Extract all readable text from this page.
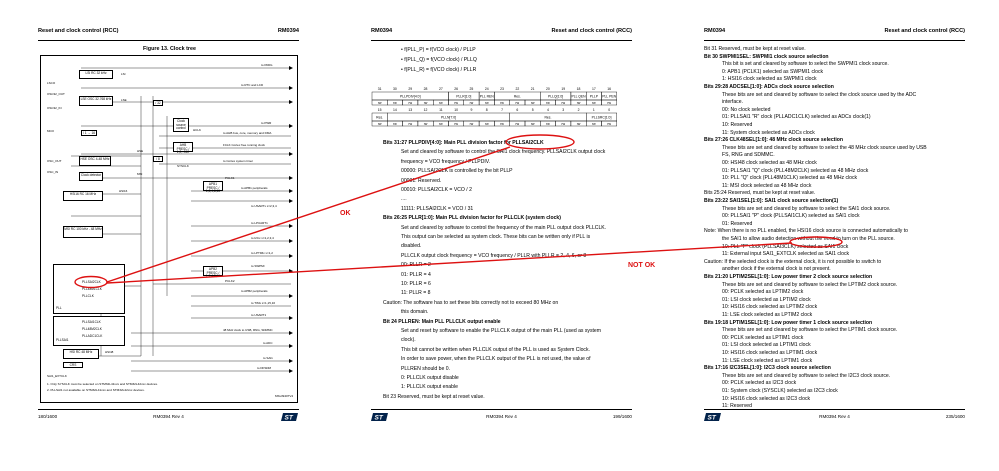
Reset and clock control (RCC)	RM0394
Figure 13. Clock tree
LSI RC 32 kHz
LSCO
OSC32_OUT
LSE OSC 32.768 kHz
OSC32_IN
MCO	/ 1 → 16
OSC_OUT	HSE OSC 4-48 MHz
OSC_IN
Clock detector
HSI16 RC 16 MHz
MSI RC 100 kHz - 48 MHz
Clock source control
AHB PRESC / 1,2,..512
APB1 PRESC / 1,2,4,8,16
APB2 PRESC / 1,2,4,8,16
/ 32
/ 8
PLL
PLLSAI2CLK
PLL48M1CLK
PLLCLK
PLLSAI1
PLLSAI1CLK
PLL48M2CLK
PLLADC1CLK
HSI RC 48 MHz
CRS
SAI1_EXTCLK
to IWDG
to RTC and LCD
to PWR
to AHB bus, core, memory and DMA
FCLK Cortex free running clock
to Cortex system timer
PCLK1
to APB1 peripherals
to USARTx x=2,3,4
to LPUART1
to I2Cx x=1,2,3,4
to LPTIMx x=1,2
to SWPMI
PCLK2
to APB2 peripherals
to TIMx x=1,15,16
to USART1
48 MHz clock to USB, RNG, SDMMC
to ADC
to SAI1
to DFSDM
SYSCLK
HCLK
HSE
MSI
HSI16
LSE
LSI
HSI48
1. Only SYSCLK must be selected on STM32L41xxx and STM32L42xxx devices.
2. PLLSAI1 not available on STM32L41xxx and STM32L42xxx devices.
MSv39407V4
180/1600	RM0394 Rev 4	ST
RM0394	Reset and clock control (RCC)
• f(PLL_P) = f(VCO clock) / PLLP
• f(PLL_Q) = f(VCO clock) / PLLQ
• f(PLL_R) = f(VCO clock) / PLLR
31	30	29	28	27	26	25	24	23	22	21	20	19	18	17	16
PLLPDIV[4:0]	PLLR[1:0] PLL REN	Res.	PLLQ[1:0] PLL QEN PLLP PLL PEN
rw	rw	rw	rw	rw	rw	rw	rw	rw	rw	rw	rw	rw	rw	rw	rw
15	14	13	12	11	10	9	8	7	6	5	4	3	2	1	0
Res.	PLLN[7:0]	Res.	PLLSRC[1:0]
rw	rw	rw	rw	rw	rw	rw	rw	rw	rw	rw	rw	rw	rw	rw	rw
Bits 31:27 PLLPDIV[4:0]: Main PLL division factor for PLLSAI2CLK
Set and cleared by software to control the SAI1 clock frequency. PLLSAI2CLK output clock
frequency = VCO frequency / PLLPDIV.
00000: PLLSAI2CLK is controlled by the bit PLLP
00001: Reserved.
00010: PLLSAI2CLK = VCO / 2
....
11111: PLLSAI2CLK = VCO / 31
Bits 26:25 PLLR[1:0]: Main PLL division factor for PLLCLK (system clock)
Set and cleared by software to control the frequency of the main PLL output clock PLLCLK.
This output can be selected as system clock. These bits can be written only if PLL is
disabled.
PLLCLK output clock frequency = VCO frequency / PLLR with PLLR = 2, 4, 6, or 8
00: PLLR = 2
01: PLLR = 4
10: PLLR = 6
11: PLLR = 8
Caution: The software has to set these bits correctly not to exceed 80 MHz on
this domain.
Bit 24 PLLREN: Main PLL PLLCLK output enable
Set and reset by software to enable the PLLCLK output of the main PLL (used as system
clock).
This bit cannot be written when PLLCLK output of the PLL is used as System Clock.
In order to save power, when the PLLCLK output of the PLL is not used, the value of
PLLREN should be 0.
0: PLLCLK output disable
1: PLLCLK output enable
Bit 23 Reserved, must be kept at reset value.
ST	RM0394 Rev 4	199/1600
RM0394	Reset and clock control (RCC)
Bit 31 Reserved, must be kept at reset value.
Bit 30 SWPMI1SEL: SWPMI1 clock source selection
This bit is set and cleared by software to select the SWPMI1 clock source.
0: APB1 (PCLK1) selected as SWPMI1 clock
1: HSI16 clock selected as SWPMI1 clock
Bits 29:28 ADCSEL[1:0]: ADCs clock source selection
These bits are set and cleared by software to select the clock source used by the ADC
interface.
00: No clock selected
01: PLLSAI1 "R" clock (PLLADC1CLK) selected as ADCs clock(1)
10: Reserved
11: System clock selected as ADCs clock
Bits 27:26 CLK48SEL[1:0]: 48 MHz clock source selection
These bits are set and cleared by software to select the 48 MHz clock source used by USB
FS, RNG and SDMMC.
00: HSI48 clock selected as 48 MHz clock
01: PLLSAI1 "Q" clock (PLL48M2CLK) selected as 48 MHz clock
10: PLL "Q" clock (PLL48M1CLK) selected as 48 MHz clock
11: MSI clock selected as 48 MHz clock
Bits 25:24 Reserved, must be kept at reset value.
Bits 23:22 SAI1SEL[1:0]: SAI1 clock source selection(1)
These bits are set and cleared by software to select the SAI1 clock source.
00: PLLSAI1 "P" clock (PLLSAI1CLK) selected as SAI1 clock
01: Reserved
Note: When there is no PLL enabled, the HSI16 clock source is connected automatically to
the SAI1 to allow audio detection without the need to turn on the PLL source.
10: PLL "P" clock (PLLSAI3CLK) selected as SAI1 clock
11: External input SAI1_EXTCLK selected as SAI1 clock
Caution: If the selected clock is the external clock, it is not possible to switch to
another clock if the external clock is not present.
Bits 21:20 LPTIM2SEL[1:0]: Low power timer 2 clock source selection
These bits are set and cleared by software to select the LPTIM2 clock source.
00: PCLK selected as LPTIM2 clock
01: LSI clock selected as LPTIM2 clock
10: HSI16 clock selected as LPTIM2 clock
11: LSE clock selected as LPTIM2 clock
Bits 19:18 LPTIM1SEL[1:0]: Low power timer 1 clock source selection
These bits are set and cleared by software to select the LPTIM1 clock source.
00: PCLK selected as LPTIM1 clock
01: LSI clock selected as LPTIM1 clock
10: HSI16 clock selected as LPTIM1 clock
11: LSE clock selected as LPTIM1 clock
Bits 17:16 I2C3SEL[1:0]: I2C3 clock source selection
These bits are set and cleared by software to select the I2C3 clock source.
00: PCLK selected as I2C3 clock
01: System clock (SYSCLK) selected as I2C3 clock
10: HSI16 clock selected as I2C3 clock
11: Reserved
ST	RM0394 Rev 4	235/1600
OK
NOT OK
